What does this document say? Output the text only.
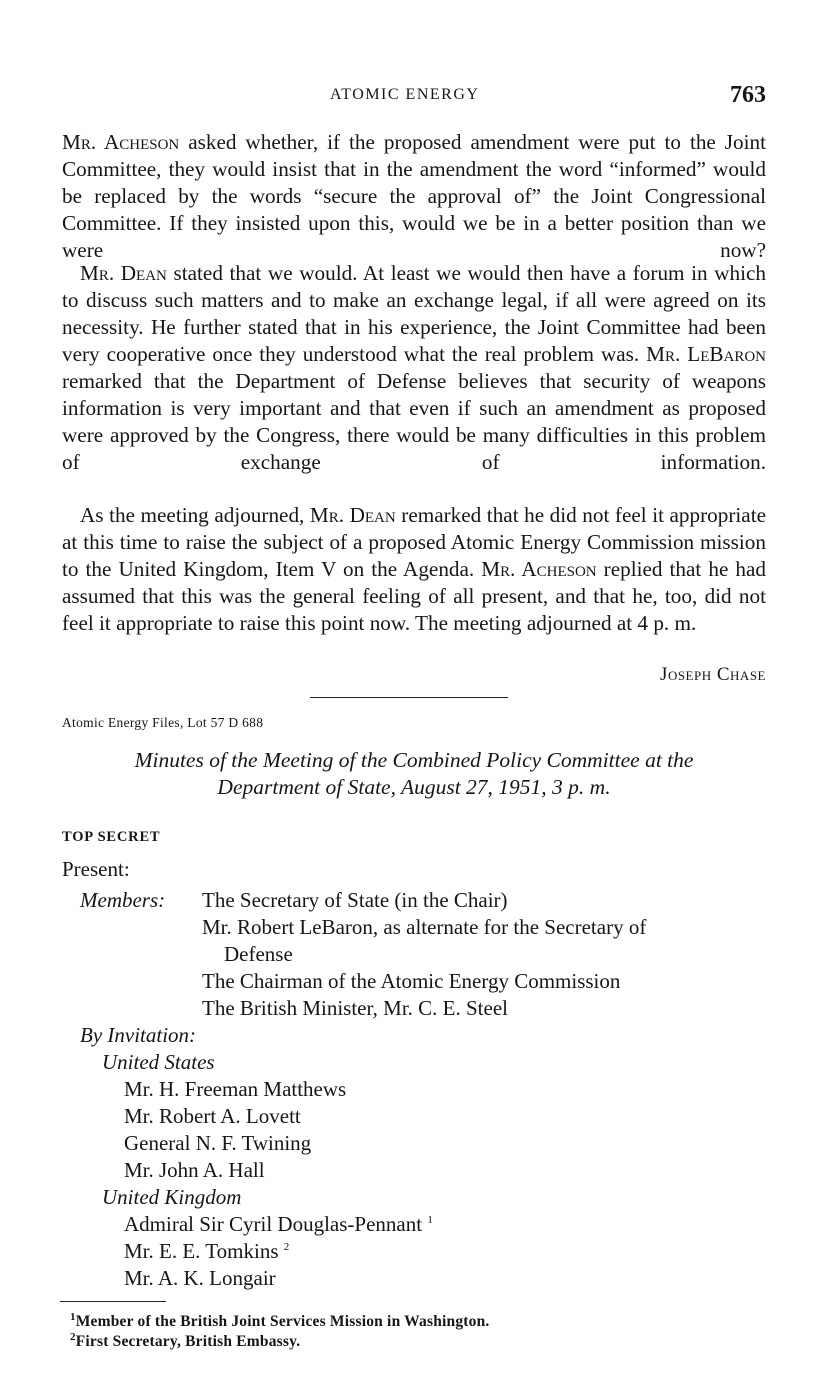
ATOMIC ENERGY	763
Mr. Acheson asked whether, if the proposed amendment were put to the Joint Committee, they would insist that in the amendment the word “informed” would be replaced by the words “secure the approval of” the Joint Congressional Committee. If they insisted upon this, would we be in a better position than we were now?
Mr. Dean stated that we would. At least we would then have a forum in which to discuss such matters and to make an exchange legal, if all were agreed on its necessity. He further stated that in his experience, the Joint Committee had been very cooperative once they understood what the real problem was. Mr. LeBaron remarked that the Department of Defense believes that security of weapons information is very important and that even if such an amendment as proposed were approved by the Congress, there would be many difficulties in this problem of exchange of information.
As the meeting adjourned, Mr. Dean remarked that he did not feel it appropriate at this time to raise the subject of a proposed Atomic Energy Commission mission to the United Kingdom, Item V on the Agenda. Mr. Acheson replied that he had assumed that this was the general feeling of all present, and that he, too, did not feel it appropriate to raise this point now. The meeting adjourned at 4 p. m.
Joseph Chase
Atomic Energy Files, Lot 57 D 688
Minutes of the Meeting of the Combined Policy Committee at the
Department of State, August 27, 1951, 3 p. m.
TOP SECRET
Present:
Members: The Secretary of State (in the Chair)
Mr. Robert LeBaron, as alternate for the Secretary of
Defense
The Chairman of the Atomic Energy Commission
The British Minister, Mr. C. E. Steel
By Invitation:
United States
Mr. H. Freeman Matthews
Mr. Robert A. Lovett
General N. F. Twining
Mr. John A. Hall
United Kingdom
Admiral Sir Cyril Douglas-Pennant $^1$
Mr. E. E. Tomkins $^2$
Mr. A. K. Longair
$^1$Member of the British Joint Services Mission in Washington.
$^2$First Secretary, British Embassy.
